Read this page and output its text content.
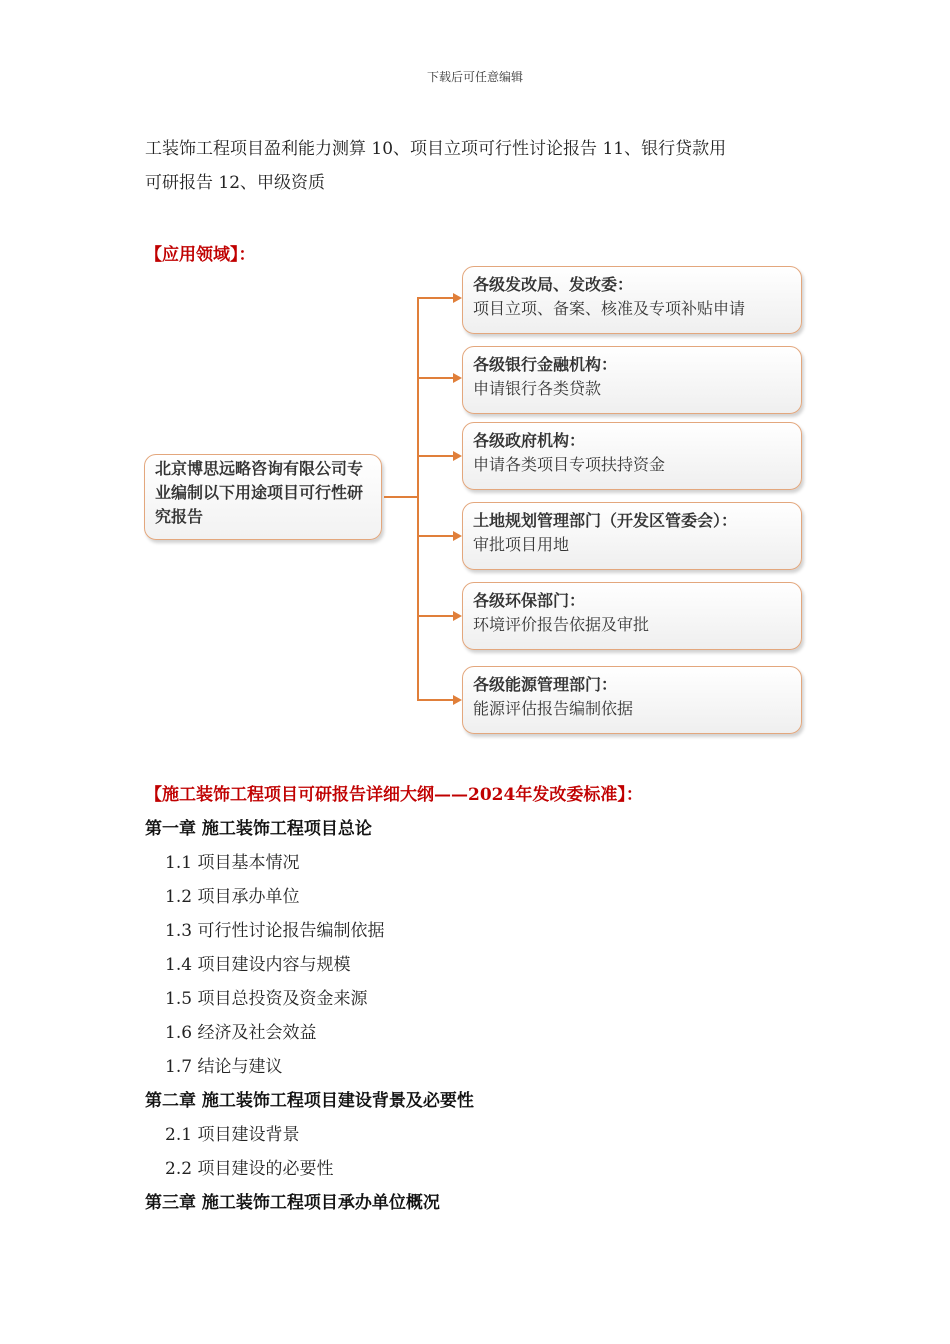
下载后可任意编辑
工装饰工程项目盈利能力测算 10、项目立项可行性讨论报告 11、银行贷款用
可研报告 12、甲级资质
【应用领域】：
北京博思远略咨询有限公司专业编制以下用途项目可行性研究报告
各级发改局、发改委：
项目立项、备案、核准及专项补贴申请
各级银行金融机构：
申请银行各类贷款
各级政府机构：
申请各类项目专项扶持资金
土地规划管理部门（开发区管委会）：
审批项目用地
各级环保部门：
环境评价报告依据及审批
各级能源管理部门：
能源评估报告编制依据
【施工装饰工程项目可研报告详细大纲——2024年发改委标准】：
第一章 施工装饰工程项目总论
1.1 项目基本情况
1.2 项目承办单位
1.3 可行性讨论报告编制依据
1.4 项目建设内容与规模
1.5 项目总投资及资金来源
1.6 经济及社会效益
1.7 结论与建议
第二章 施工装饰工程项目建设背景及必要性
2.1 项目建设背景
2.2 项目建设的必要性
第三章 施工装饰工程项目承办单位概况
